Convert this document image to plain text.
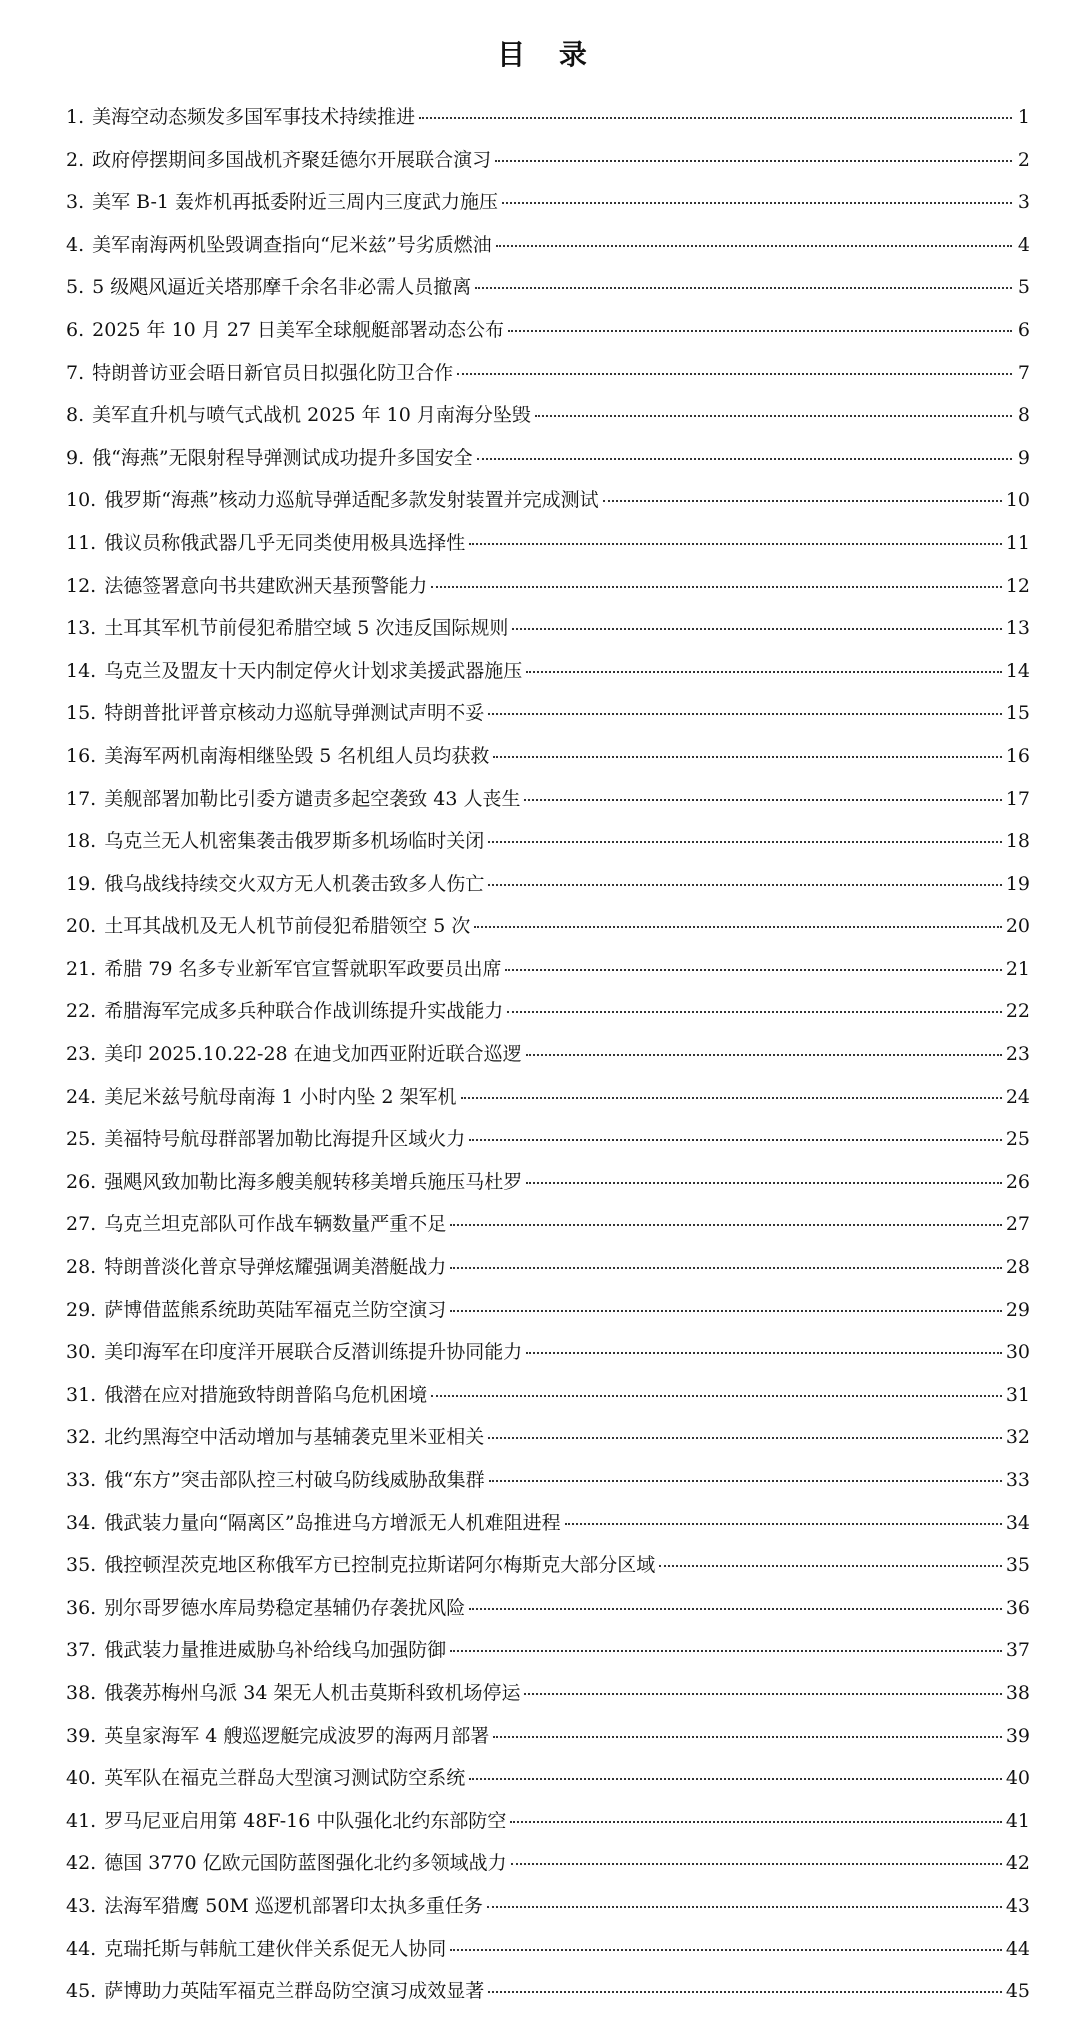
目 录
1. 美海空动态频发多国军事技术持续推进	1
2. 政府停摆期间多国战机齐聚廷德尔开展联合演习	2
3. 美军 B-1 轰炸机再抵委附近三周内三度武力施压	3
4. 美军南海两机坠毁调查指向“尼米兹”号劣质燃油	4
5. 5 级飓风逼近关塔那摩千余名非必需人员撤离	5
6. 2025 年 10 月 27 日美军全球舰艇部署动态公布	6
7. 特朗普访亚会晤日新官员日拟强化防卫合作	7
8. 美军直升机与喷气式战机 2025 年 10 月南海分坠毁	8
9. 俄“海燕”无限射程导弹测试成功提升多国安全	9
10. 俄罗斯“海燕”核动力巡航导弹适配多款发射装置并完成测试	10
11. 俄议员称俄武器几乎无同类使用极具选择性	11
12. 法德签署意向书共建欧洲天基预警能力	12
13. 土耳其军机节前侵犯希腊空域 5 次违反国际规则	13
14. 乌克兰及盟友十天内制定停火计划求美援武器施压	14
15. 特朗普批评普京核动力巡航导弹测试声明不妥	15
16. 美海军两机南海相继坠毁 5 名机组人员均获救	16
17. 美舰部署加勒比引委方谴责多起空袭致 43 人丧生	17
18. 乌克兰无人机密集袭击俄罗斯多机场临时关闭	18
19. 俄乌战线持续交火双方无人机袭击致多人伤亡	19
20. 土耳其战机及无人机节前侵犯希腊领空 5 次	20
21. 希腊 79 名多专业新军官宣誓就职军政要员出席	21
22. 希腊海军完成多兵种联合作战训练提升实战能力	22
23. 美印 2025.10.22-28 在迪戈加西亚附近联合巡逻	23
24. 美尼米兹号航母南海 1 小时内坠 2 架军机	24
25. 美福特号航母群部署加勒比海提升区域火力	25
26. 强飓风致加勒比海多艘美舰转移美增兵施压马杜罗	26
27. 乌克兰坦克部队可作战车辆数量严重不足	27
28. 特朗普淡化普京导弹炫耀强调美潜艇战力	28
29. 萨博借蓝熊系统助英陆军福克兰防空演习	29
30. 美印海军在印度洋开展联合反潜训练提升协同能力	30
31. 俄潜在应对措施致特朗普陷乌危机困境	31
32. 北约黑海空中活动增加与基辅袭克里米亚相关	32
33. 俄“东方”突击部队控三村破乌防线威胁敌集群	33
34. 俄武装力量向“隔离区”岛推进乌方增派无人机难阻进程	34
35. 俄控顿涅茨克地区称俄军方已控制克拉斯诺阿尔梅斯克大部分区域	35
36. 别尔哥罗德水库局势稳定基辅仍存袭扰风险	36
37. 俄武装力量推进威胁乌补给线乌加强防御	37
38. 俄袭苏梅州乌派 34 架无人机击莫斯科致机场停运	38
39. 英皇家海军 4 艘巡逻艇完成波罗的海两月部署	39
40. 英军队在福克兰群岛大型演习测试防空系统	40
41. 罗马尼亚启用第 48F-16 中队强化北约东部防空	41
42. 德国 3770 亿欧元国防蓝图强化北约多领域战力	42
43. 法海军猎鹰 50M 巡逻机部署印太执多重任务	43
44. 克瑞托斯与韩航工建伙伴关系促无人协同	44
45. 萨博助力英陆军福克兰群岛防空演习成效显著	45
